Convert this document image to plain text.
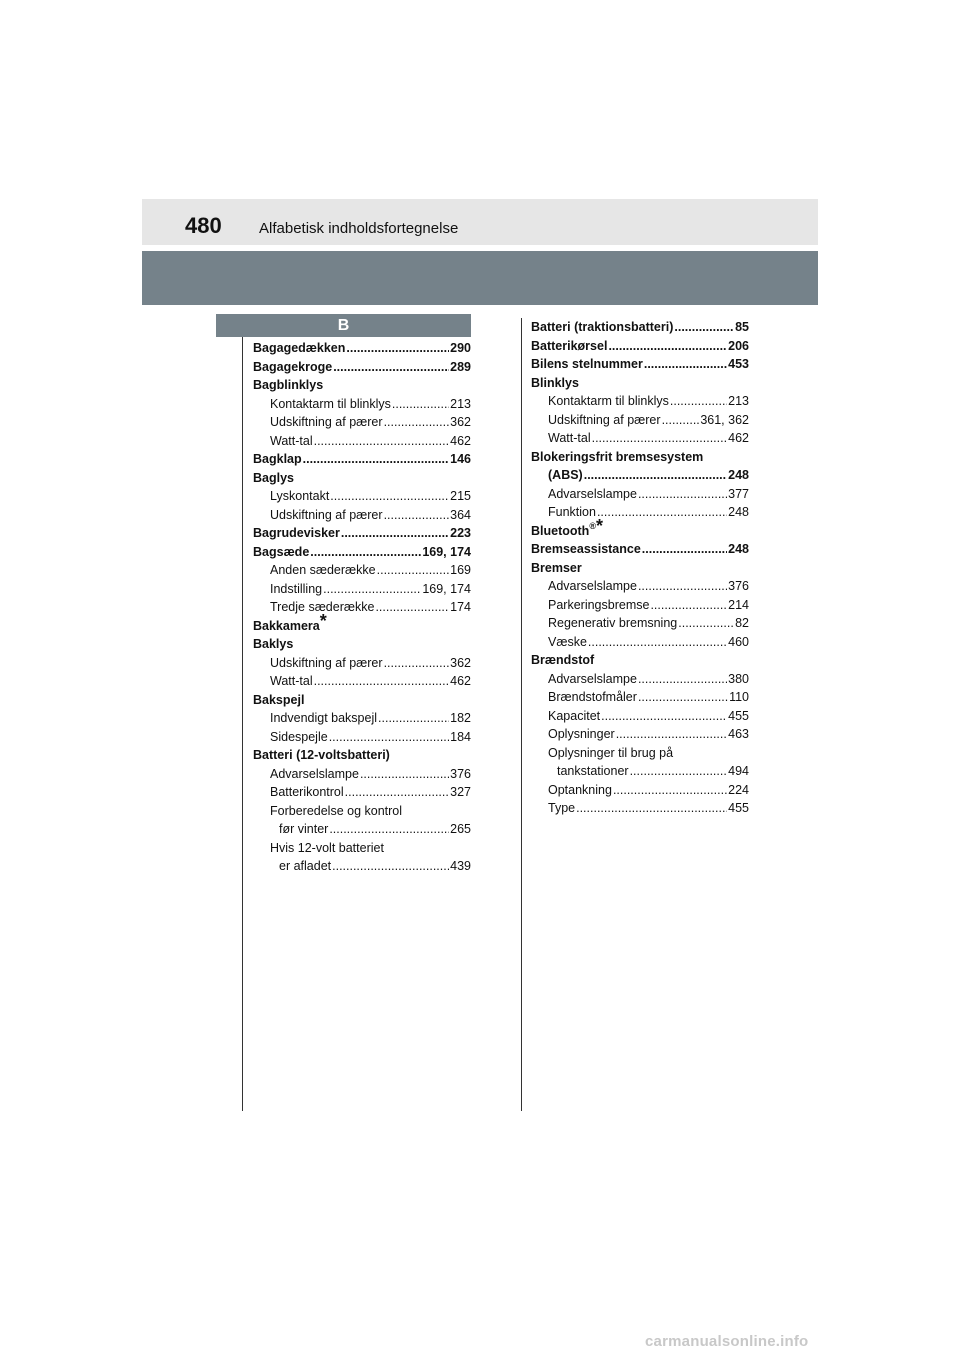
480 Alfabetisk indholdsfortegnelse
B
Bagagedækken .....	290
Bagagekroge .....	289
Bagblinklys
Kontaktarm til blinklys .....	213
Udskiftning af pærer .....	362
Watt-tal .....	462
Bagklap .....	146
Baglys
Lyskontakt .....	215
Udskiftning af pærer .....	364
Bagrudevisker .....	223
Bagsæde .....	169, 174
Anden sæderække .....	169
Indstilling .....	169, 174
Tredje sæderække .....	174
Bakkamera*
Baklys
Udskiftning af pærer .....	362
Watt-tal .....	462
Bakspejl
Indvendigt bakspejl .....	182
Sidespejle .....	184
Batteri (12-voltsbatteri)
Advarselslampe .....	376
Batterikontrol .....	327
Forberedelse og kontrol
før vinter .....	265
Hvis 12-volt batteriet
er afladet .....	439
Batteri (traktionsbatteri) .....	85
Batterikørsel .....	206
Bilens stelnummer .....	453
Blinklys
Kontaktarm til blinklys .....	213
Udskiftning af pærer .....	361, 362
Watt-tal .....	462
Blokeringsfrit bremsesystem
(ABS) .....	248
Advarselslampe .....	377
Funktion .....	248
Bluetooth®*
Bremseassistance .....	248
Bremser
Advarselslampe .....	376
Parkeringsbremse .....	214
Regenerativ bremsning .....	82
Væske .....	460
Brændstof
Advarselslampe .....	380
Brændstofmåler .....	110
Kapacitet .....	455
Oplysninger .....	463
Oplysninger til brug på
tankstationer .....	494
Optankning .....	224
Type .....	455
carmanualsonline.info
